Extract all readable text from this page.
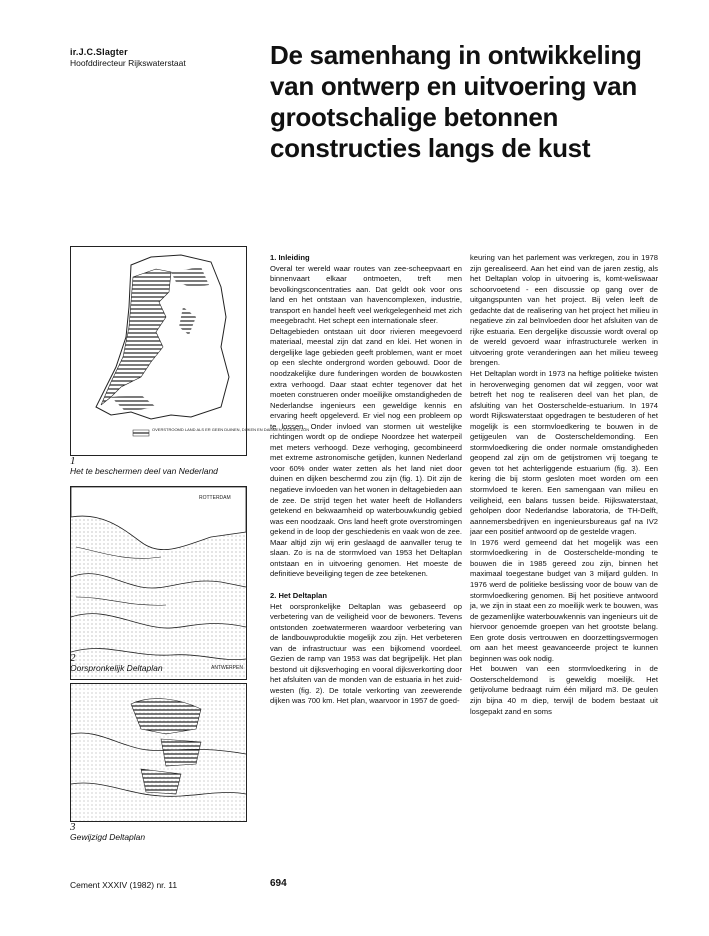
ir.J.C.Slagter
Hoofddirecteur Rijkswaterstaat	De samenhang in ontwikkeling van ontwerp en uitvoering van grootschalige betonnen constructies langs de kust
OVERSTROOMD LAND ALS ER GEEN DUINEN, DIJKEN EN DAMMEN ZOUDEN ZIJN
1
Het te beschermen deel van Nederland
ROTTERDAM
ANTWERPEN
2
Oorspronkelijk Deltaplan
3
Gewijzigd Deltaplan

1. Inleiding

Overal ter wereld waar routes van zee-scheepvaart en binnenvaart elkaar ontmoeten, treft men bevolkingsconcentraties aan. Dat geldt ook voor ons land en het ontstaan van havencomplexen, industrie, transport en handel heeft veel werkgelegenheid met zich meegebracht. Het schept een internationale sfeer.

Deltagebieden ontstaan uit door rivieren meegevoerd materiaal, meestal zijn dat zand en klei. Het wonen in dergelijke lage gebieden geeft problemen, want er moet op een slechte ondergrond worden gebouwd. Door de noodzakelijke dure funderingen worden de bouwkosten extra verhoogd. Daar staat echter tegenover dat het moeten construeren onder moeilijke omstandigheden de Nederlandse ingenieurs een geweldige kennis en ervaring heeft opgeleverd. Er viel nog een probleem op te lossen. Onder invloed van stormen uit westelijke richtingen wordt op de ondiepe Noordzee het waterpeil met meters verhoogd. Deze verhoging, gecombineerd met extreme astronomische getijden, kunnen Nederland voor 60% onder water zetten als het land niet door duinen en dijken beschermd zou zijn (fig. 1). Dit zijn de negatieve invloeden van het wonen in deltagebieden aan de zee. De strijd tegen het water heeft de Hollanders getekend en bekwaamheid op waterbouwkundig gebied was een noodzaak. Ons land heeft grote overstromingen gekend in de loop der geschiedenis en vaak won de zee. Maar altijd zijn wij erin geslaagd de aanvaller terug te slaan. Zo is na de stormvloed van 1953 het Deltaplan ontstaan en in uitvoering genomen. Het moeste de definitieve beveiliging tegen de zee betekenen.

2. Het Deltaplan

Het oorspronkelijke Deltaplan was gebaseerd op verbetering van de veiligheid voor de bewoners. Tevens ontstonden zoetwatermeren waardoor verbetering van de landbouwproduktie mogelijk zou zijn. Het verbeteren van de infrastructuur was een bijkomend voordeel. Gezien de ramp van 1953 was dat begrijpelijk. Het plan bestond uit dijksverhoging en vooral dijksverkorting door het afsluiten van de monden van de estuaria in het zuid-westen (fig. 2). De totale verkorting van zeewerende dijken was 700 km. Het plan, waarvoor in 1957 de goed-

keuring van het parlement was verkregen, zou in 1978 zijn gerealiseerd. Aan het eind van de jaren zestig, als het Deltaplan volop in uitvoering is, komt-weliswaar schoorvoetend - een discussie op gang over de uitgangspunten van het project. Bij velen leeft de gedachte dat de realisering van het project het milieu in negatieve zin zal beïnvloeden door het afsluiten van de rijke estuaria. Een dergelijke discussie wordt overal op de wereld gevoerd waar infrastructurele werken in uitvoering grote veranderingen aan het milieu teweeg brengen.

Het Deltaplan wordt in 1973 na heftige politieke twisten in heroverweging genomen dat wil zeggen, voor wat betreft het nog te realiseren deel van het plan, de afsluiting van het Oosterschelde-estuarium. In 1974 wordt Rijkswaterstaat opgedragen te bestuderen of het mogelijk is een stormvloedkering te bouwen in de getijgeulen van de Oosterscheldemonding. Een stormvloedkering die onder normale omstandigheden geopend zal zijn om de getijstromen vrij toegang te geven tot het achterliggende estuarium (fig. 3). Een kering die bij storm gesloten moet worden om een stormvloed te keren. Een samengaan van milieu en veiligheid, een balans tussen beide. Rijkswaterstaat, geholpen door Nederlandse laboratoria, de TH-Delft, aannemersbedrijven en ingenieursbureaus gaf na IV2 jaar een positief antwoord op de gestelde vragen.

In 1976 werd gemeend dat het mogelijk was een stormvloedkering in de Oosterschelde-monding te bouwen die in 1985 gereed zou zijn, binnen het maximaal toegestane budget van 3 miljard gulden. In 1976 werd de politieke beslissing voor de bouw van de stormvloedkering genomen. Bij het positieve antwoord ja, we zijn in staat een zo moeilijk werk te bouwen, was de gezamenlijke waterbouwkennis van ingenieurs uit de hiervoor genoemde groepen van het grootste belang. Een grote dosis vertrouwen en doorzettingsvermogen om aan het meest geavanceerde project te kunnen beginnen was ook nodig.

Het bouwen van een stormvloedkering in de Oosterscheldemond is geweldig moeilijk. Het getijvolume bedraagt ruim één miljard m3. De geulen zijn bijna 40 m diep, terwijl de bodem bestaat uit losgepakt zand en soms

Cement XXXIV (1982) nr. 11	694
